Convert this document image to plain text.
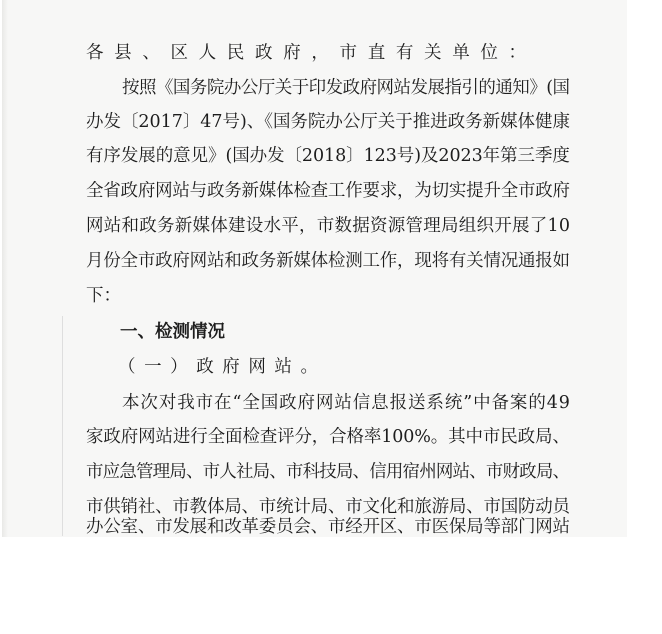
各县、区人民政府，市直有关单位：
按照《国务院办公厅关于印发政府网站发展指引的通知》(国
办发〔2017〕47号)、《国务院办公厅关于推进政务新媒体健康
有序发展的意见》(国办发〔2018〕123号)及2023年第三季度
全省政府网站与政务新媒体检查工作要求，为切实提升全市政府
网站和政务新媒体建设水平，市数据资源管理局组织开展了10
月份全市政府网站和政务新媒体检测工作，现将有关情况通报如
下：
一、检测情况
（一）政府网站。
本次对我市在“全国政府网站信息报送系统”中备案的49
家政府网站进行全面检查评分，合格率100%。其中市民政局、
市应急管理局、市人社局、市科技局、信用宿州网站、市财政局、
市供销社、市教体局、市统计局、市文化和旅游局、市国防动员
办公室、市发展和改革委员会、市经开区、市医保局等部门网站
